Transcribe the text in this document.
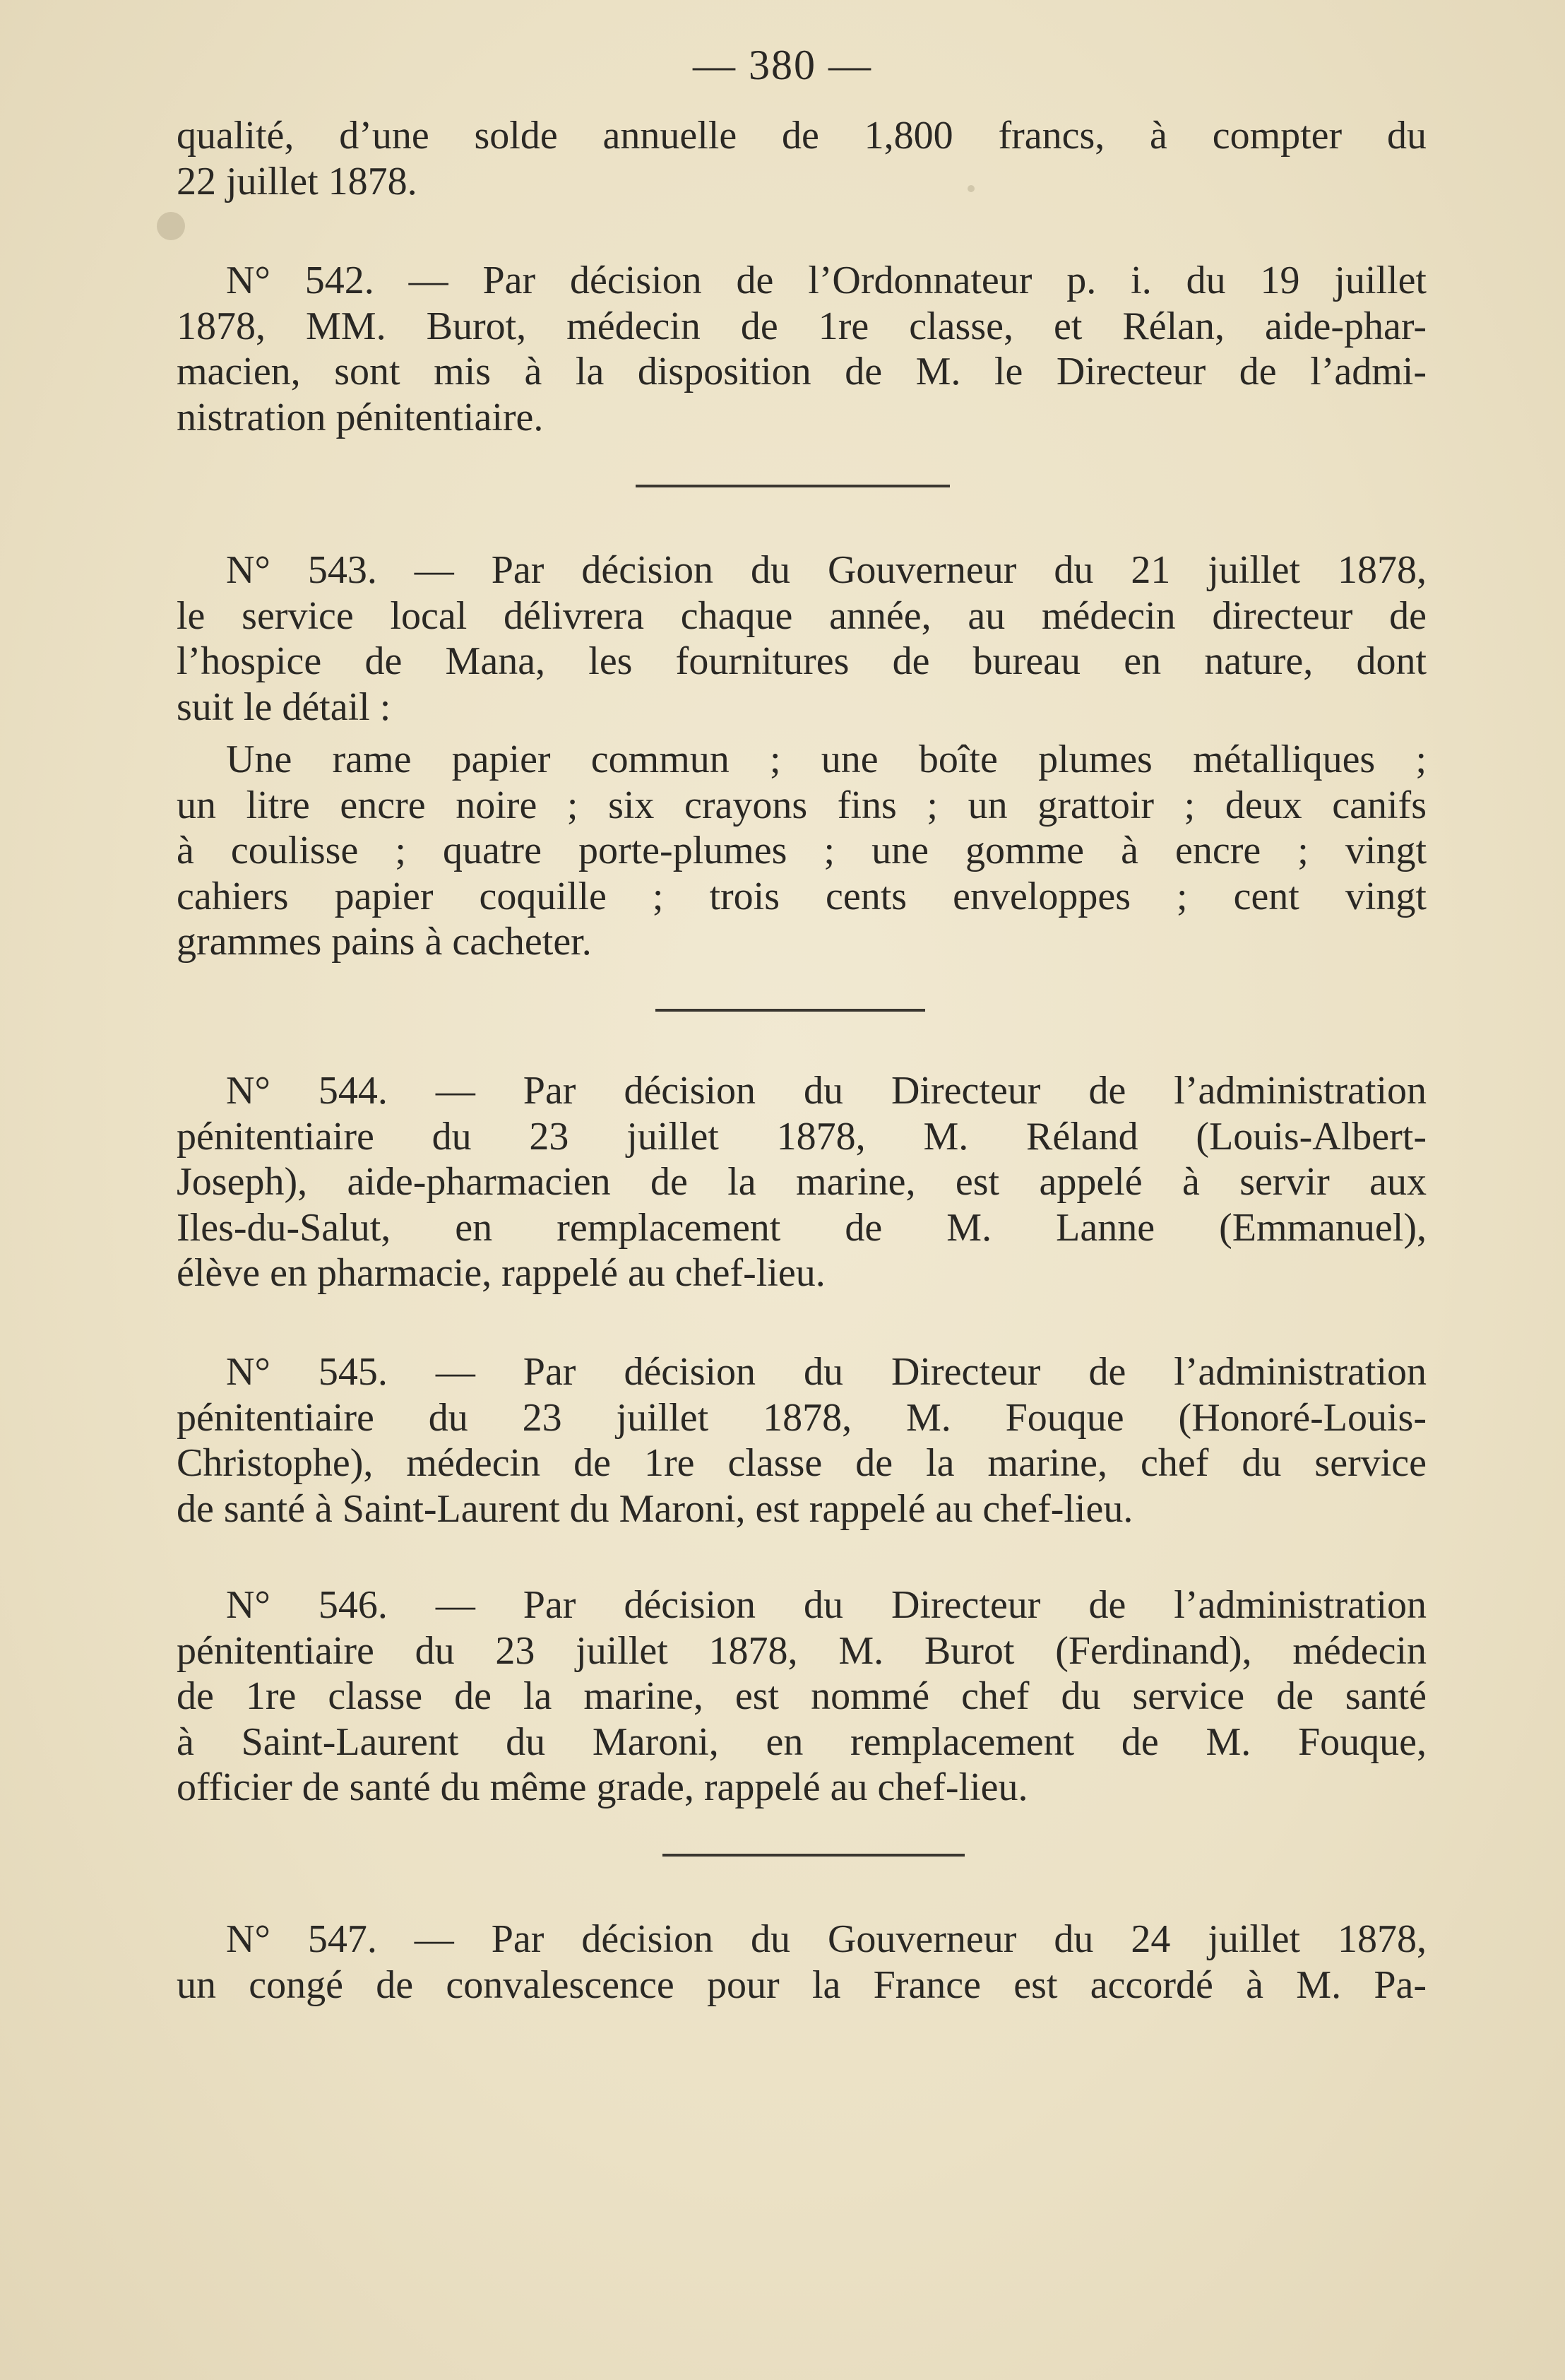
— 380 —
qualité, d’une solde annuelle de 1,800 francs, à compter du
22 juillet 1878.
N° 542. — Par décision de l’Ordonnateur p. i. du 19 juillet
1878, MM. Burot, médecin de 1re classe, et Rélan, aide-phar-
macien, sont mis à la disposition de M. le Directeur de l’admi-
nistration pénitentiaire.
N° 543. — Par décision du Gouverneur du 21 juillet 1878,
le service local délivrera chaque année, au médecin directeur de
l’hospice de Mana, les fournitures de bureau en nature, dont
suit le détail :
Une rame papier commun ; une boîte plumes métalliques ;
un litre encre noire ; six crayons fins ; un grattoir ; deux canifs
à coulisse ; quatre porte-plumes ; une gomme à encre ; vingt
cahiers papier coquille ; trois cents enveloppes ; cent vingt
grammes pains à cacheter.
N° 544. — Par décision du Directeur de l’administration
pénitentiaire du 23 juillet 1878, M. Réland (Louis-Albert-
Joseph), aide-pharmacien de la marine, est appelé à servir aux
Iles-du-Salut, en remplacement de M. Lanne (Emmanuel),
élève en pharmacie, rappelé au chef-lieu.
N° 545. — Par décision du Directeur de l’administration
pénitentiaire du 23 juillet 1878, M. Fouque (Honoré-Louis-
Christophe), médecin de 1re classe de la marine, chef du service
de santé à Saint-Laurent du Maroni, est rappelé au chef-lieu.
N° 546. — Par décision du Directeur de l’administration
pénitentiaire du 23 juillet 1878, M. Burot (Ferdinand), médecin
de 1re classe de la marine, est nommé chef du service de santé
à Saint-Laurent du Maroni, en remplacement de M. Fouque,
officier de santé du même grade, rappelé au chef-lieu.
N° 547. — Par décision du Gouverneur du 24 juillet 1878,
un congé de convalescence pour la France est accordé à M. Pa-
